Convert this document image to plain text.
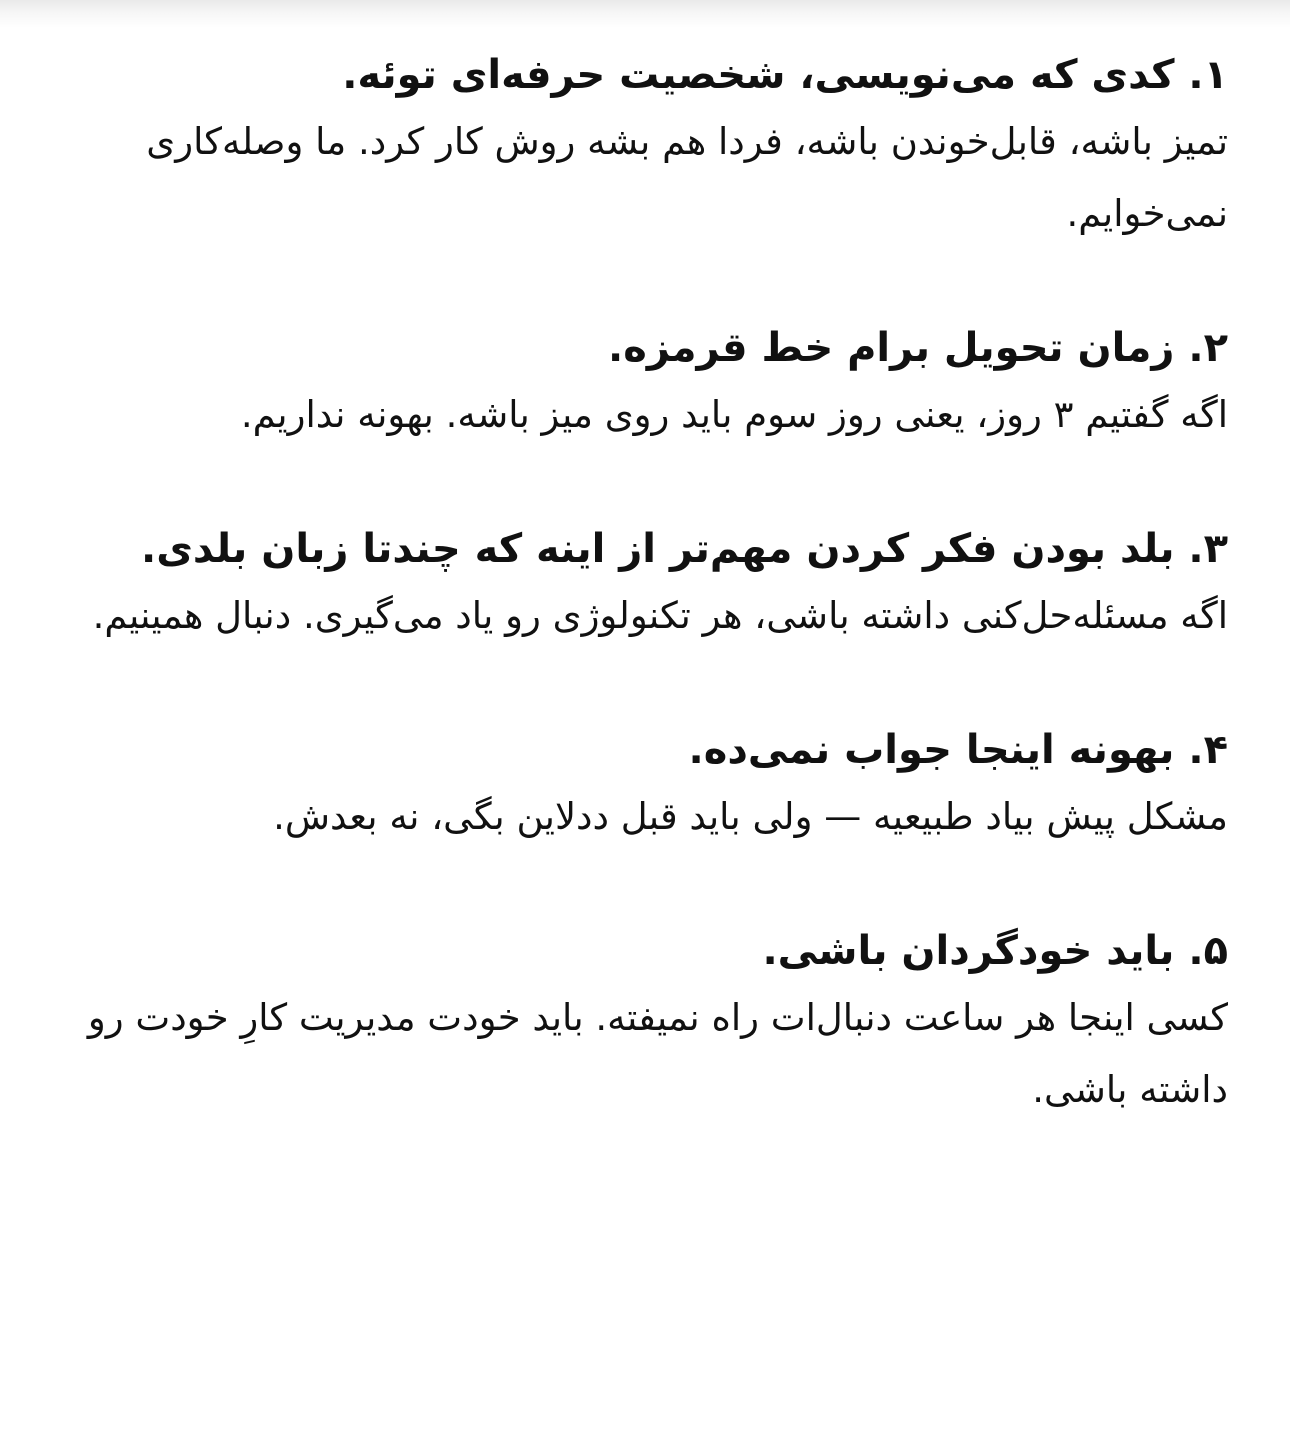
۱. کدی که می‌نویسی، شخصیت حرفه‌ای توئه.

تمیز باشه، قابل‌خوندن باشه، فردا هم بشه روش کار کرد. ما وصله‌کاری نمی‌خوایم.

۲. زمان تحویل برام خط قرمزه.

اگه گفتیم ۳ روز، یعنی روز سوم باید روی میز باشه. بهونه نداریم.

۳. بلد بودن فکر کردن مهم‌تر از اینه که چندتا زبان بلدی.

اگه مسئله‌حل‌کنی داشته باشی، هر تکنولوژی رو یاد می‌گیری. دنبال همینیم.

۴. بهونه اینجا جواب نمی‌ده.

مشکل پیش بیاد طبیعیه — ولی باید قبل ددلاین بگی، نه بعدش.

۵. باید خودگردان باشی.

کسی اینجا هر ساعت دنبال‌ات راه نمیفته. باید خودت مدیریت کارِ خودت رو داشته باشی.
